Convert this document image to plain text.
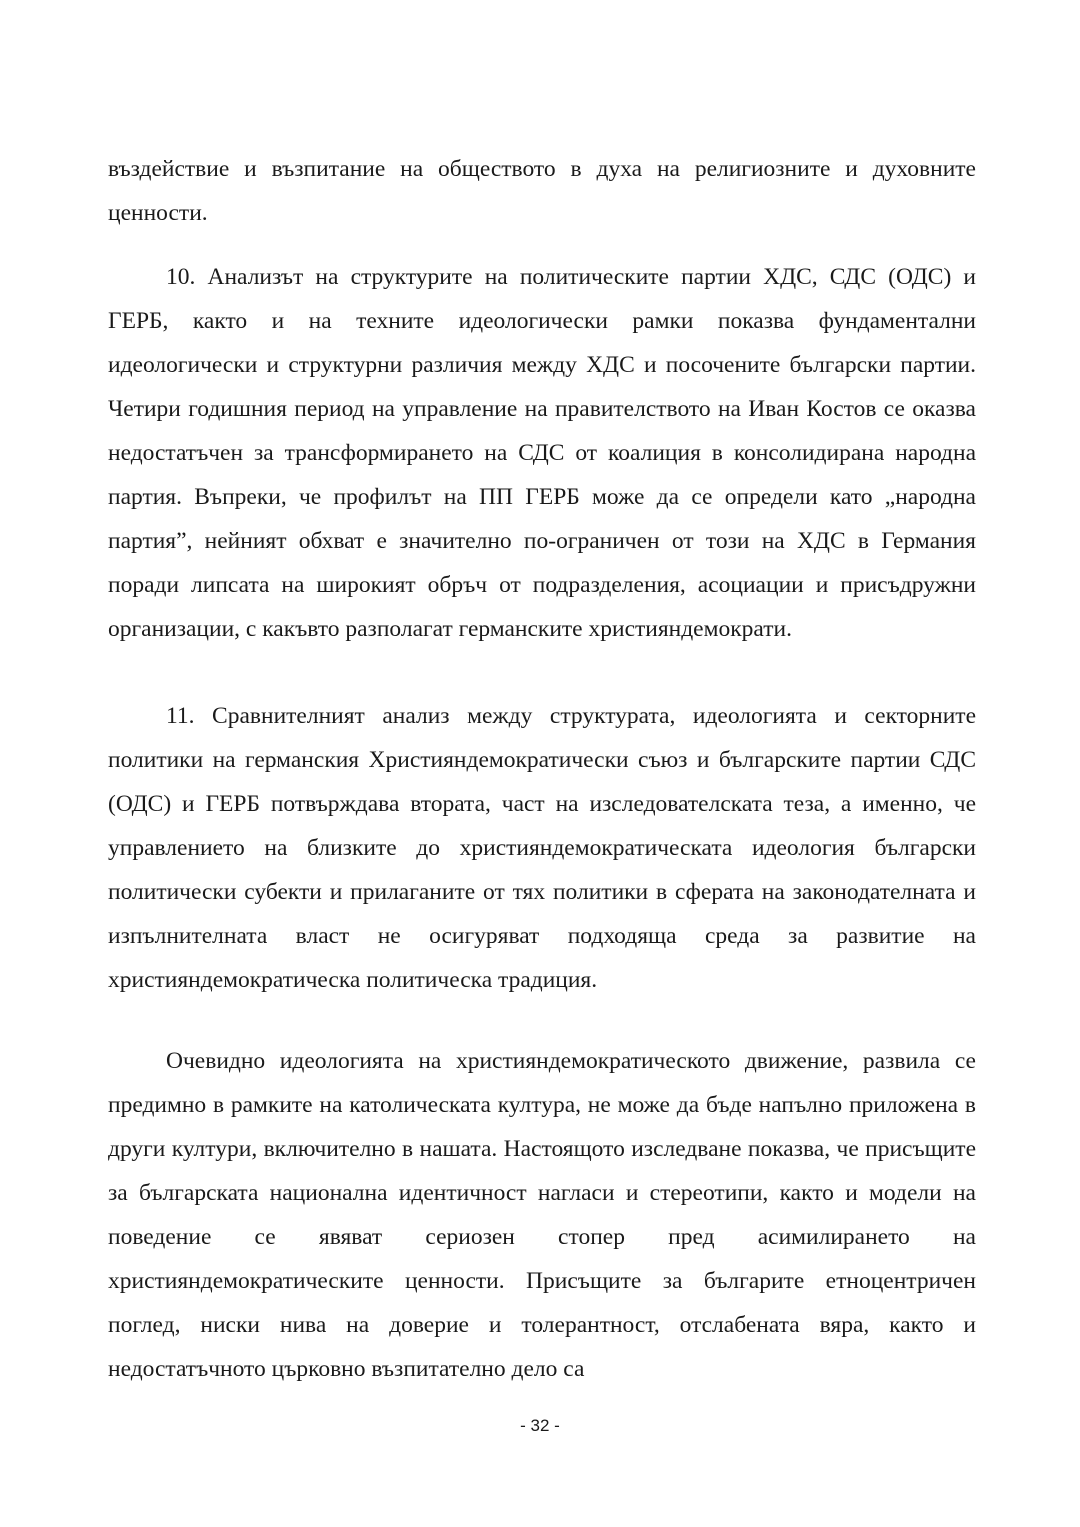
въздействие и възпитание на обществото в духа на религиозните и духовните ценности.

10. Анализът на структурите на политическите партии ХДС, СДС (ОДС) и ГЕРБ, както и на техните идеологически рамки показва фундаментални идеологически и структурни различия между ХДС и посочените български партии. Четири годишния период на управление на правителството на Иван Костов се оказва недостатъчен за трансформирането на СДС от коалиция в консолидирана народна партия. Въпреки, че профилът на ПП ГЕРБ може да се определи като „народна партия”, нейният обхват е значително по-ограничен от този на ХДС в Германия поради липсата на широкият обръч от подразделения, асоциации и присъдружни организации, с какъвто разполагат германските християндемократи.

11. Сравнителният анализ между структурата, идеологията и секторните политики на германския Християндемократически съюз и българските партии СДС (ОДС) и ГЕРБ потвърждава втората, част на изследователската теза, а именно, че управлението на близките до християндемократическата идеология български политически субекти и прилаганите от тях политики в сферата на законодателната и изпълнителната власт не осигуряват подходяща среда за развитие на християндемократическа политическа традиция.

Очевидно идеологията на християндемократическото движение, развила се предимно в рамките на католическата култура, не може да бъде напълно приложена в други култури, включително в нашата. Настоящото изследване показва, че присъщите за българската национална идентичност нагласи и стереотипи, както и модели на поведение се явяват сериозен стопер пред асимилирането на християндемократическите ценности. Присъщите за българите етноцентричен поглед, ниски нива на доверие и толерантност, отслабената вяра, както и недостатъчното църковно възпитателно дело са

- 32 -
